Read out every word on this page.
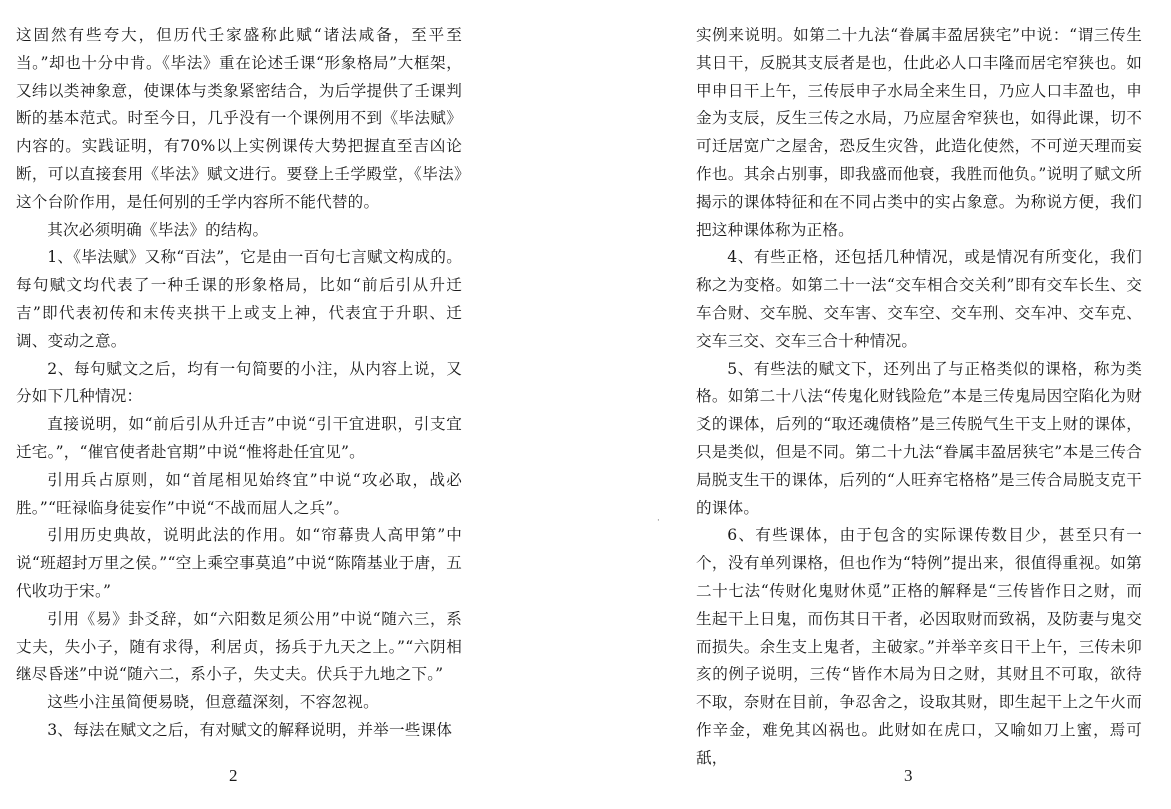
这固然有些夸大，但历代壬家盛称此赋“诸法咸备，至平至当。”却也十分中肯。《毕法》重在论述壬课“形象格局”大框架，又纬以类神象意，使课体与类象紧密结合，为后学提供了壬课判断的基本范式。时至今日，几乎没有一个课例用不到《毕法赋》内容的。实践证明，有70%以上实例课传大势把握直至吉凶论断，可以直接套用《毕法》赋文进行。要登上壬学殿堂，《毕法》这个台阶作用，是任何别的壬学内容所不能代替的。

其次必须明确《毕法》的结构。

1、《毕法赋》又称“百法”，它是由一百句七言赋文构成的。每句赋文均代表了一种壬课的形象格局，比如“前后引从升迁吉”即代表初传和末传夹拱干上或支上神，代表宜于升职、迁调、变动之意。

2、每句赋文之后，均有一句简要的小注，从内容上说，又分如下几种情况：

直接说明，如“前后引从升迁吉”中说“引干宜进职，引支宜迁宅。”，“催官使者赴官期”中说“惟将赴任宜见”。

引用兵占原则，如“首尾相见始终宜”中说“攻必取，战必胜。”“旺禄临身徒妄作”中说“不战而屈人之兵”。

引用历史典故，说明此法的作用。如“帘幕贵人高甲第”中说“班超封万里之侯。”“空上乘空事莫追”中说“陈隋基业于唐，五代收功于宋。”

引用《易》卦爻辞，如“六阳数足须公用”中说“随六三，系丈夫，失小子，随有求得，利居贞，扬兵于九天之上。”“六阴相继尽昏迷”中说“随六二，系小子，失丈夫。伏兵于九地之下。”

这些小注虽简便易晓，但意蕴深刻，不容忽视。

3、每法在赋文之后，有对赋文的解释说明，并举一些课体

2
·

实例来说明。如第二十九法“眷属丰盈居狭宅”中说：“谓三传生其日干，反脱其支辰者是也，仕此必人口丰隆而居宅窄狭也。如甲申日干上午，三传辰申子水局全来生日，乃应人口丰盈也，申金为支辰，反生三传之水局，乃应屋舍窄狭也，如得此课，切不可迁居宽广之屋舍，恐反生灾咎，此造化使然，不可逆天理而妄作也。其余占别事，即我盛而他衰，我胜而他负。”说明了赋文所揭示的课体特征和在不同占类中的实占象意。为称说方便，我们把这种课体称为正格。

4、有些正格，还包括几种情况，或是情况有所变化，我们称之为变格。如第二十一法“交车相合交关利”即有交车长生、交车合财、交车脱、交车害、交车空、交车刑、交车冲、交车克、交车三交、交车三合十种情况。

5、有些法的赋文下，还列出了与正格类似的课格，称为类格。如第二十八法“传鬼化财钱险危”本是三传鬼局因空陷化为财爻的课体，后列的“取还魂债格”是三传脱气生干支上财的课体，只是类似，但是不同。第二十九法“眷属丰盈居狭宅”本是三传合局脱支生干的课体，后列的“人旺弃宅格格”是三传合局脱支克干的课体。

6、有些课体，由于包含的实际课传数目少，甚至只有一个，没有单列课格，但也作为“特例”提出来，很值得重视。如第二十七法“传财化鬼财休觅”正格的解释是“三传皆作日之财，而生起干上日鬼，而伤其日干者，必因取财而致祸，及防妻与鬼交而损失。余生支上鬼者，主破家。”并举辛亥日干上午，三传未卯亥的例子说明，三传“皆作木局为日之财，其财且不可取，欲待不取，奈财在目前，争忍舍之，设取其财，即生起干上之午火而作辛金，难免其凶祸也。此财如在虎口，又喻如刀上蜜，焉可舐，

3
